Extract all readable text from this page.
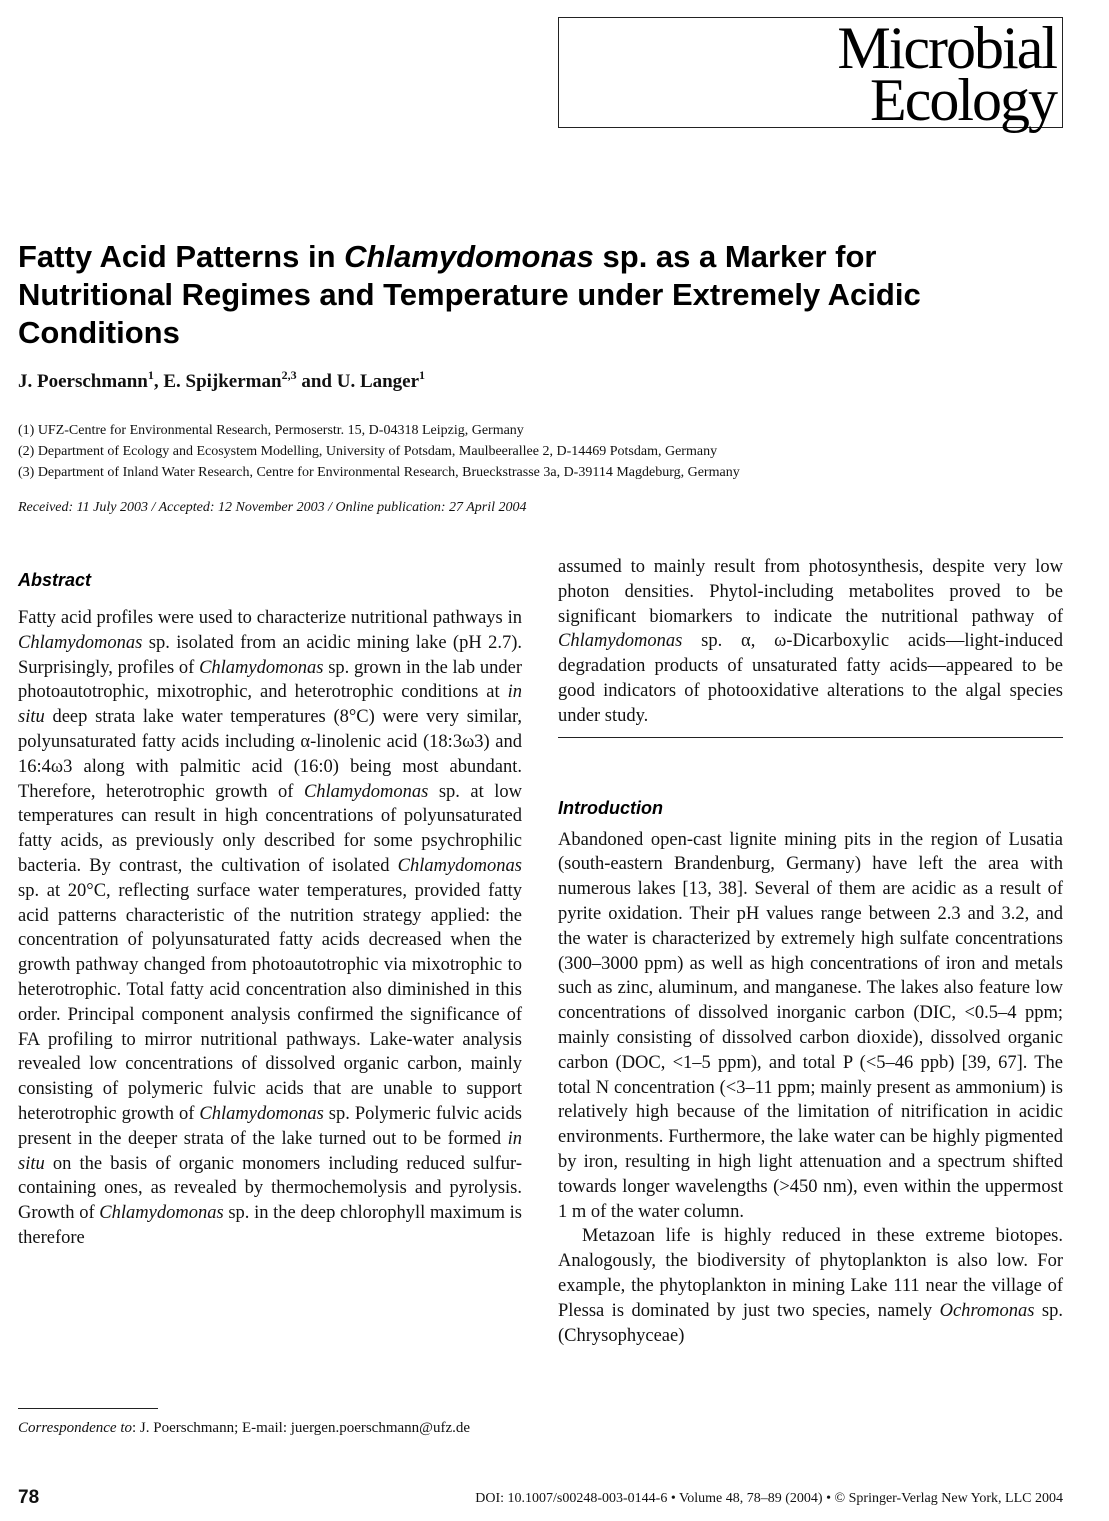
Microbial
Ecology
Fatty Acid Patterns in Chlamydomonas sp. as a Marker for Nutritional Regimes and Temperature under Extremely Acidic Conditions
J. Poerschmann$^1$, E. Spijkerman$^{2,3}$ and U. Langer$^1$
(1) UFZ-Centre for Environmental Research, Permoserstr. 15, D-04318 Leipzig, Germany
(2) Department of Ecology and Ecosystem Modelling, University of Potsdam, Maulbeerallee 2, D-14469 Potsdam, Germany
(3) Department of Inland Water Research, Centre for Environmental Research, Brueckstrasse 3a, D-39114 Magdeburg, Germany
Received: 11 July 2003 / Accepted: 12 November 2003 / Online publication: 27 April 2004
Abstract

Fatty acid profiles were used to characterize nutritional pathways in Chlamydomonas sp. isolated from an acidic mining lake (pH 2.7). Surprisingly, profiles of Chlamydomonas sp. grown in the lab under photoautotrophic, mixotrophic, and heterotrophic conditions at in situ deep strata lake water temperatures (8°C) were very similar, polyunsaturated fatty acids including α-linolenic acid (18:3ω3) and 16:4ω3 along with palmitic acid (16:0) being most abundant. Therefore, heterotrophic growth of Chlamydomonas sp. at low temperatures can result in high concentrations of polyunsaturated fatty acids, as previously only described for some psychrophilic bacteria. By contrast, the cultivation of isolated Chlamydomonas sp. at 20°C, reflecting surface water temperatures, provided fatty acid patterns characteristic of the nutrition strategy applied: the concentration of polyunsaturated fatty acids decreased when the growth pathway changed from photoautotrophic via mixotrophic to heterotrophic. Total fatty acid concentration also diminished in this order. Principal component analysis confirmed the significance of FA profiling to mirror nutritional pathways. Lake-water analysis revealed low concentrations of dissolved organic carbon, mainly consisting of polymeric fulvic acids that are unable to support heterotrophic growth of Chlamydomonas sp. Polymeric fulvic acids present in the deeper strata of the lake turned out to be formed in situ on the basis of organic monomers including reduced sulfur-containing ones, as revealed by thermochemolysis and pyrolysis. Growth of Chlamydomonas sp. in the deep chlorophyll maximum is therefore

assumed to mainly result from photosynthesis, despite very low photon densities. Phytol-including metabolites proved to be significant biomarkers to indicate the nutritional pathway of Chlamydomonas sp. α, ω-Dicarboxylic acids—light-induced degradation products of unsaturated fatty acids—appeared to be good indicators of photooxidative alterations to the algal species under study.

Introduction

Abandoned open-cast lignite mining pits in the region of Lusatia (south-eastern Brandenburg, Germany) have left the area with numerous lakes [13, 38]. Several of them are acidic as a result of pyrite oxidation. Their pH values range between 2.3 and 3.2, and the water is characterized by extremely high sulfate concentrations (300–3000 ppm) as well as high concentrations of iron and metals such as zinc, aluminum, and manganese. The lakes also feature low concentrations of dissolved inorganic carbon (DIC, <0.5–4 ppm; mainly consisting of dissolved carbon dioxide), dissolved organic carbon (DOC, <1–5 ppm), and total P (<5–46 ppb) [39, 67]. The total N concentration (<3–11 ppm; mainly present as ammonium) is relatively high because of the limitation of nitrification in acidic environments. Furthermore, the lake water can be highly pigmented by iron, resulting in high light attenuation and a spectrum shifted towards longer wavelengths (>450 nm), even within the uppermost 1 m of the water column.

Metazoan life is highly reduced in these extreme biotopes. Analogously, the biodiversity of phytoplankton is also low. For example, the phytoplankton in mining Lake 111 near the village of Plessa is dominated by just two species, namely Ochromonas sp. (Chrysophyceae)

Correspondence to: J. Poerschmann; E-mail: juergen.poerschmann@ufz.de
78	DOI: 10.1007/s00248-003-0144-6 • Volume 48, 78–89 (2004) • © Springer-Verlag New York, LLC 2004
